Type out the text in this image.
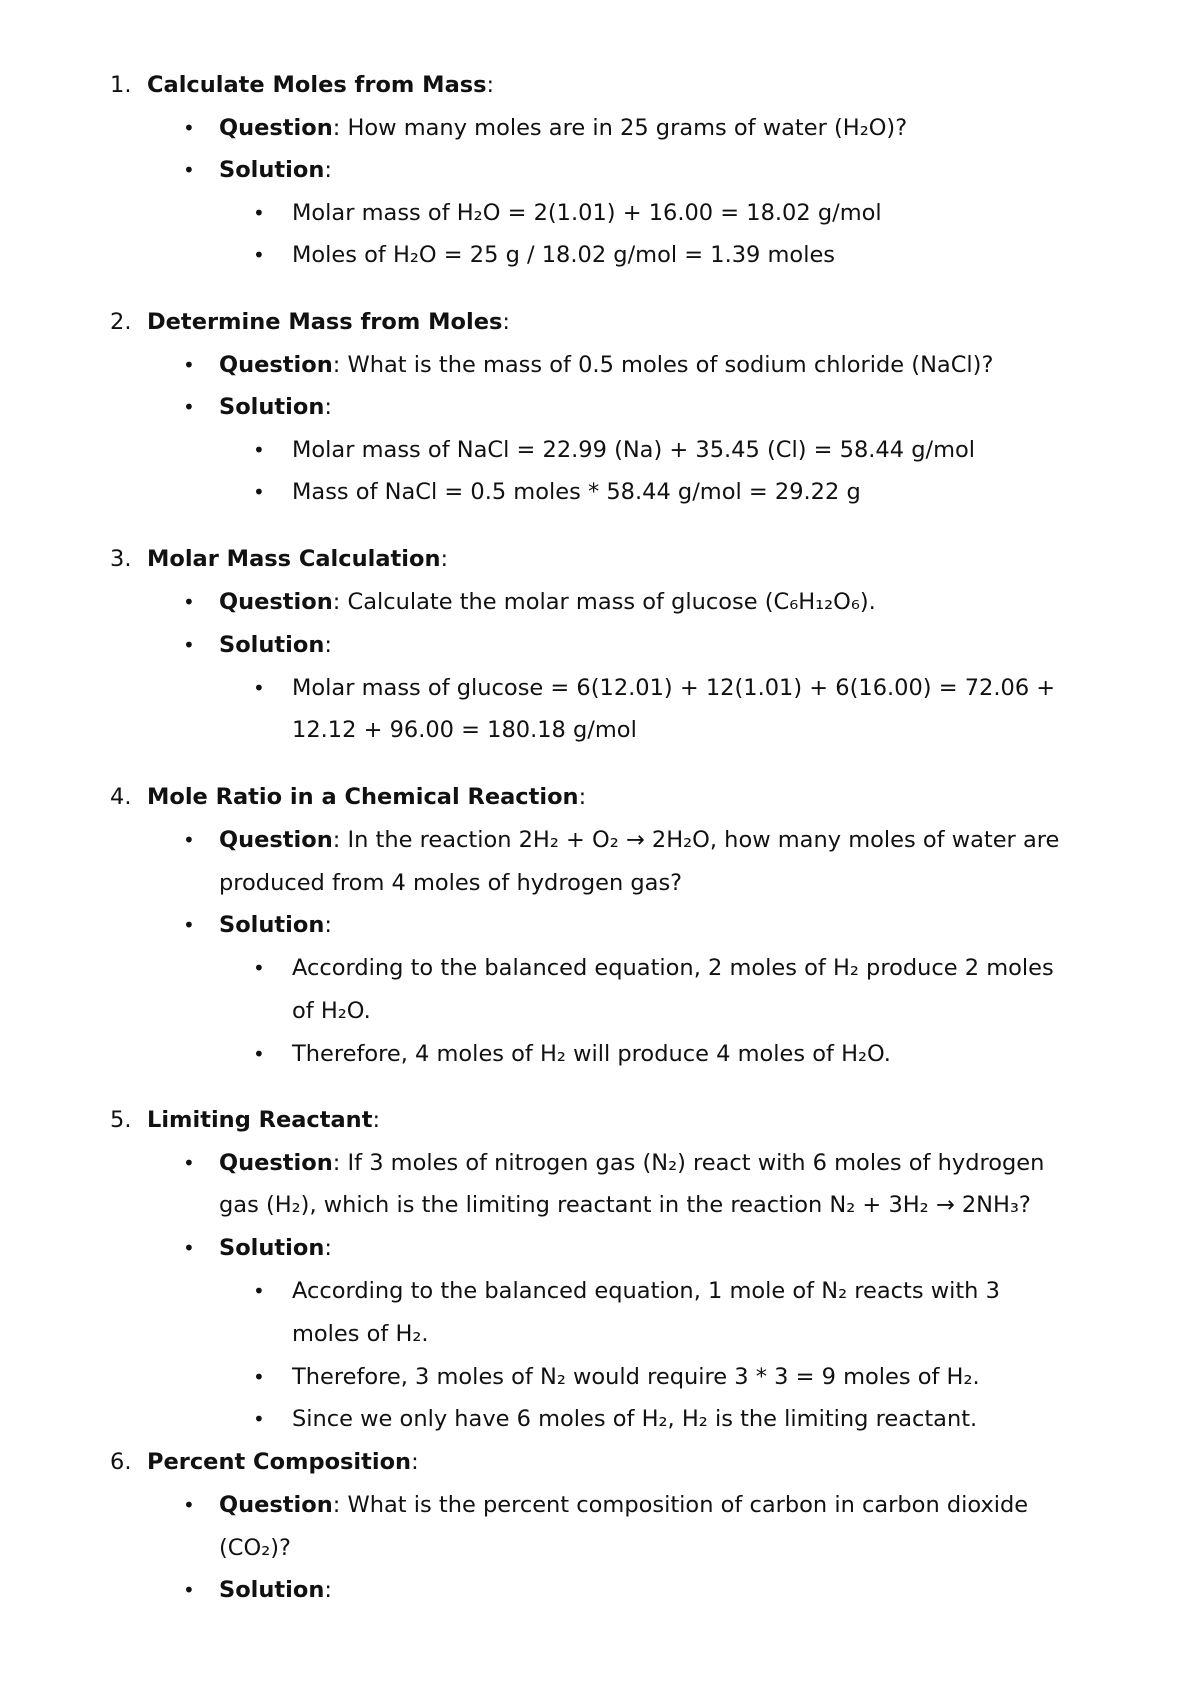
1. Calculate Moles from Mass:
• Question: How many moles are in 25 grams of water (H₂O)?
• Solution:
• Molar mass of H₂O = 2(1.01) + 16.00 = 18.02 g/mol
• Moles of H₂O = 25 g / 18.02 g/mol = 1.39 moles
2. Determine Mass from Moles:
• Question: What is the mass of 0.5 moles of sodium chloride (NaCl)?
• Solution:
• Molar mass of NaCl = 22.99 (Na) + 35.45 (Cl) = 58.44 g/mol
• Mass of NaCl = 0.5 moles * 58.44 g/mol = 29.22 g
3. Molar Mass Calculation:
• Question: Calculate the molar mass of glucose (C₆H₁₂O₆).
• Solution:
• Molar mass of glucose = 6(12.01) + 12(1.01) + 6(16.00) = 72.06 +
12.12 + 96.00 = 180.18 g/mol
4. Mole Ratio in a Chemical Reaction:
• Question: In the reaction 2H₂ + O₂ → 2H₂O, how many moles of water are
produced from 4 moles of hydrogen gas?
• Solution:
• According to the balanced equation, 2 moles of H₂ produce 2 moles
of H₂O.
• Therefore, 4 moles of H₂ will produce 4 moles of H₂O.
5. Limiting Reactant:
• Question: If 3 moles of nitrogen gas (N₂) react with 6 moles of hydrogen
gas (H₂), which is the limiting reactant in the reaction N₂ + 3H₂ → 2NH₃?
• Solution:
• According to the balanced equation, 1 mole of N₂ reacts with 3
moles of H₂.
• Therefore, 3 moles of N₂ would require 3 * 3 = 9 moles of H₂.
• Since we only have 6 moles of H₂, H₂ is the limiting reactant.
6. Percent Composition:
• Question: What is the percent composition of carbon in carbon dioxide
(CO₂)?
• Solution:
